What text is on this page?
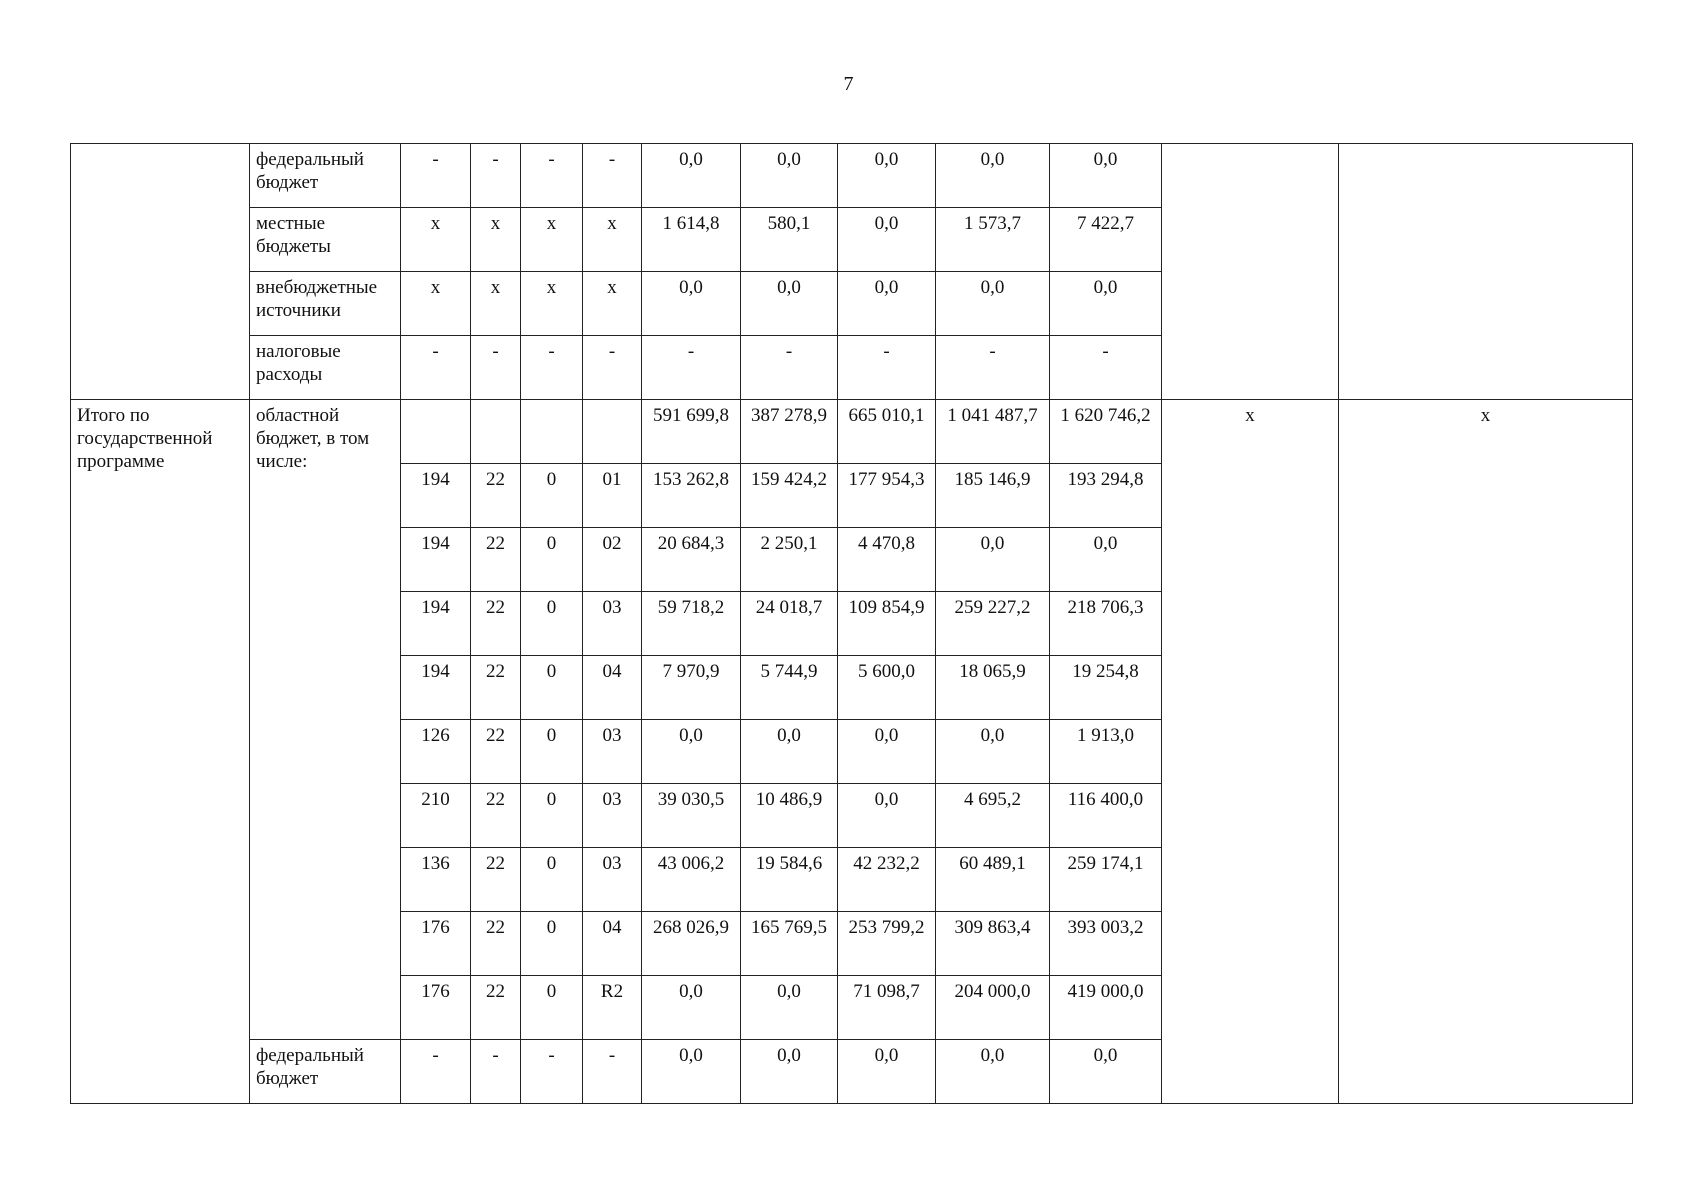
7
	федеральный бюджет	-	-	-	-	0,0	0,0	0,0	0,0	0,0		
	местные бюджеты	х	х	х	х	1 614,8	580,1	0,0	1 573,7	7 422,7		
	внебюджетные источники	х	х	х	х	0,0	0,0	0,0	0,0	0,0		
	налоговые расходы	-	-	-	-	-	-	-	-	-		
Итого по государственной программе	областной бюджет, в том числе:					591 699,8	387 278,9	665 010,1	1 041 487,7	1 620 746,2	х	х
		194	22	0	01	153 262,8	159 424,2	177 954,3	185 146,9	193 294,8		
		194	22	0	02	20 684,3	2 250,1	4 470,8	0,0	0,0		
		194	22	0	03	59 718,2	24 018,7	109 854,9	259 227,2	218 706,3		
		194	22	0	04	7 970,9	5 744,9	5 600,0	18 065,9	19 254,8		
		126	22	0	03	0,0	0,0	0,0	0,0	1 913,0		
		210	22	0	03	39 030,5	10 486,9	0,0	4 695,2	116 400,0		
		136	22	0	03	43 006,2	19 584,6	42 232,2	60 489,1	259 174,1		
		176	22	0	04	268 026,9	165 769,5	253 799,2	309 863,4	393 003,2		
		176	22	0	R2	0,0	0,0	71 098,7	204 000,0	419 000,0		
	федеральный бюджет	-	-	-	-	0,0	0,0	0,0	0,0	0,0		
